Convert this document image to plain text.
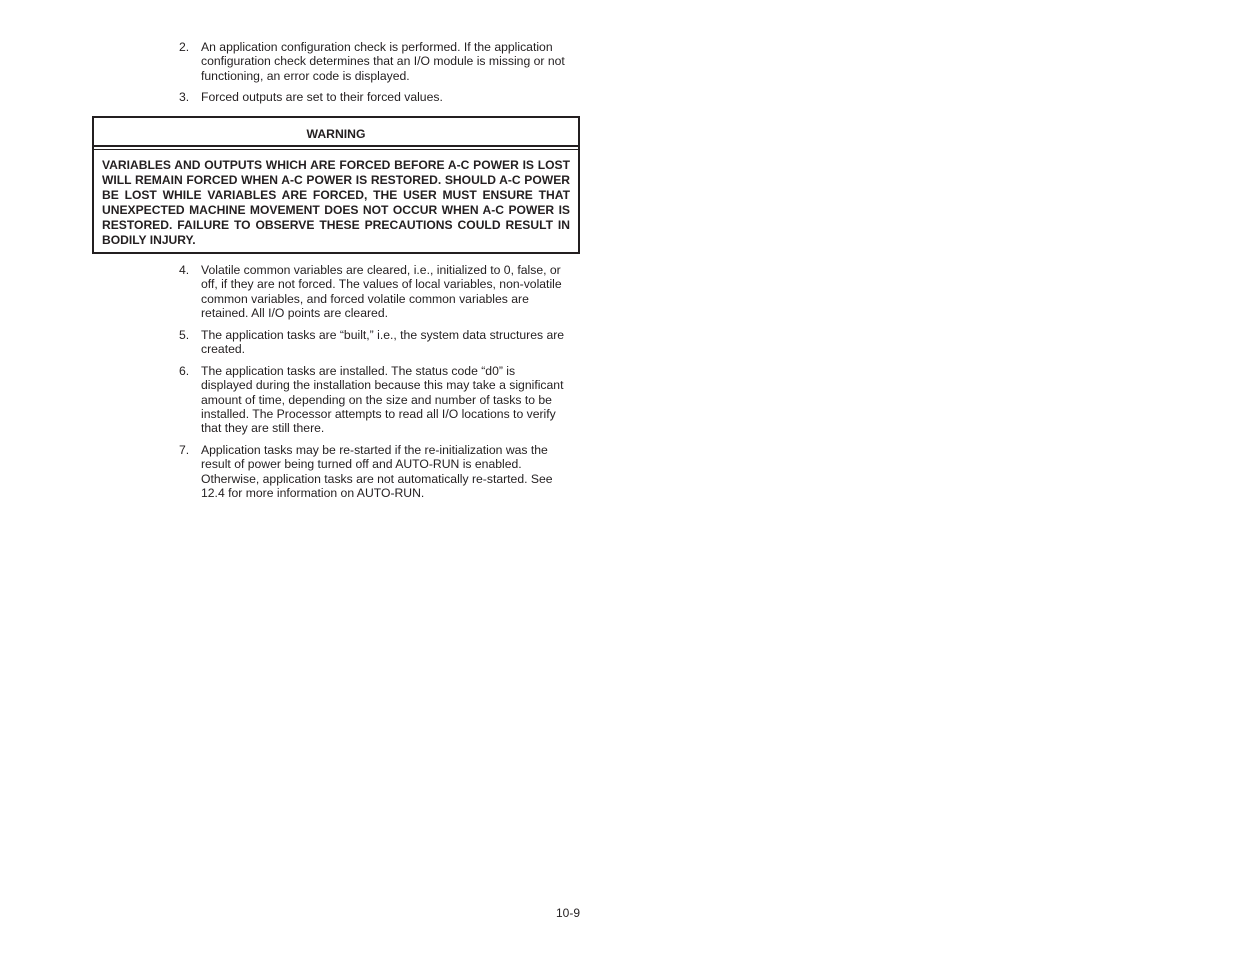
2. An application configuration check is performed. If the application configuration check determines that an I/O module is missing or not functioning, an error code is displayed.
3. Forced outputs are set to their forced values.
WARNING
VARIABLES AND OUTPUTS WHICH ARE FORCED BEFORE A-C POWER IS LOST WILL REMAIN FORCED WHEN A-C POWER IS RESTORED. SHOULD A-C POWER BE LOST WHILE VARIABLES ARE FORCED, THE USER MUST ENSURE THAT UNEXPECTED MACHINE MOVEMENT DOES NOT OCCUR WHEN A-C POWER IS RESTORED. FAILURE TO OBSERVE THESE PRECAUTIONS COULD RESULT IN BODILY INJURY.
4. Volatile common variables are cleared, i.e., initialized to 0, false, or off, if they are not forced. The values of local variables, non-volatile common variables, and forced volatile common variables are retained. All I/O points are cleared.
5. The application tasks are “built,” i.e., the system data structures are created.
6. The application tasks are installed. The status code “d0” is displayed during the installation because this may take a significant amount of time, depending on the size and number of tasks to be installed. The Processor attempts to read all I/O locations to verify that they are still there.
7. Application tasks may be re-started if the re-initialization was the result of power being turned off and AUTO-RUN is enabled. Otherwise, application tasks are not automatically re-started. See 12.4 for more information on AUTO-RUN.
10-9
